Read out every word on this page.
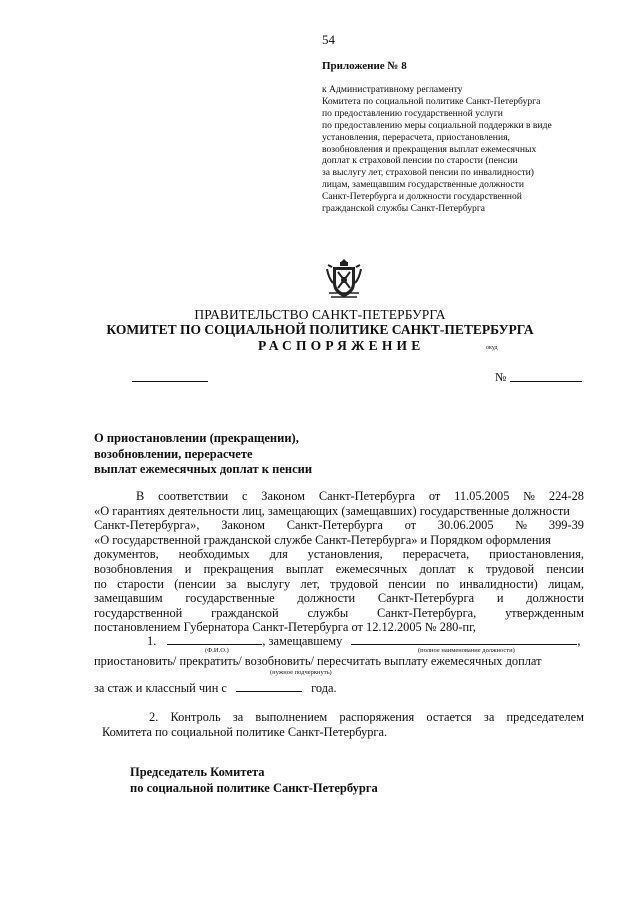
54
Приложение № 8
к Административному регламенту
Комитета по социальной политике Санкт-Петербурга
по предоставлению государственной услуги
по предоставлению меры социальной поддержки в виде
установления, перерасчета, приостановления,
возобновления и прекращения выплат ежемесячных
доплат к страховой пенсии по старости (пенсии
за выслугу лет, страховой пенсии по инвалидности)
лицам, замещавшим государственные должности
Санкт-Петербурга и должности государственной
гражданской службы Санкт-Петербурга
ПРАВИТЕЛЬСТВО САНКТ-ПЕТЕРБУРГА
КОМИТЕТ ПО СОЦИАЛЬНОЙ ПОЛИТИКЕ САНКТ-ПЕТЕРБУРГА
РАСПОРЯЖЕНИЕ	окуд
№
О приостановлении (прекращении),
возобновлении, перерасчете
выплат ежемесячных доплат к пенсии
В соответствии с Законом Санкт-Петербурга от 11.05.2005 № 224-28
«О гарантиях деятельности лиц, замещающих (замещавших) государственные должности
Санкт-Петербурга», Законом Санкт-Петербурга от 30.06.2005 № 399-39
«О государственной гражданской службе Санкт-Петербурга» и Порядком оформления
документов, необходимых для установления, перерасчета, приостановления,
возобновления и прекращения выплат ежемесячных доплат к трудовой пенсии
по старости (пенсии за выслугу лет, трудовой пенсии по инвалидности) лицам,
замещавшим государственные должности Санкт-Петербурга и должности
государственной гражданской службы Санкт-Петербурга, утвержденным
постановлением Губернатора Санкт-Петербурга от 12.12.2005 № 280-пг,
1.	, замещавшему	,
(Ф.И.О.)	(полное наименование должности)
приостановить/ прекратить/ возобновить/ пересчитать выплату ежемесячных доплат
(нужное подчеркнуть)
за стаж и классный чин с	года.
2. Контроль за выполнением распоряжения остается за председателем
Комитета по социальной политике Санкт-Петербурга.
Председатель Комитета
по социальной политике Санкт-Петербурга
